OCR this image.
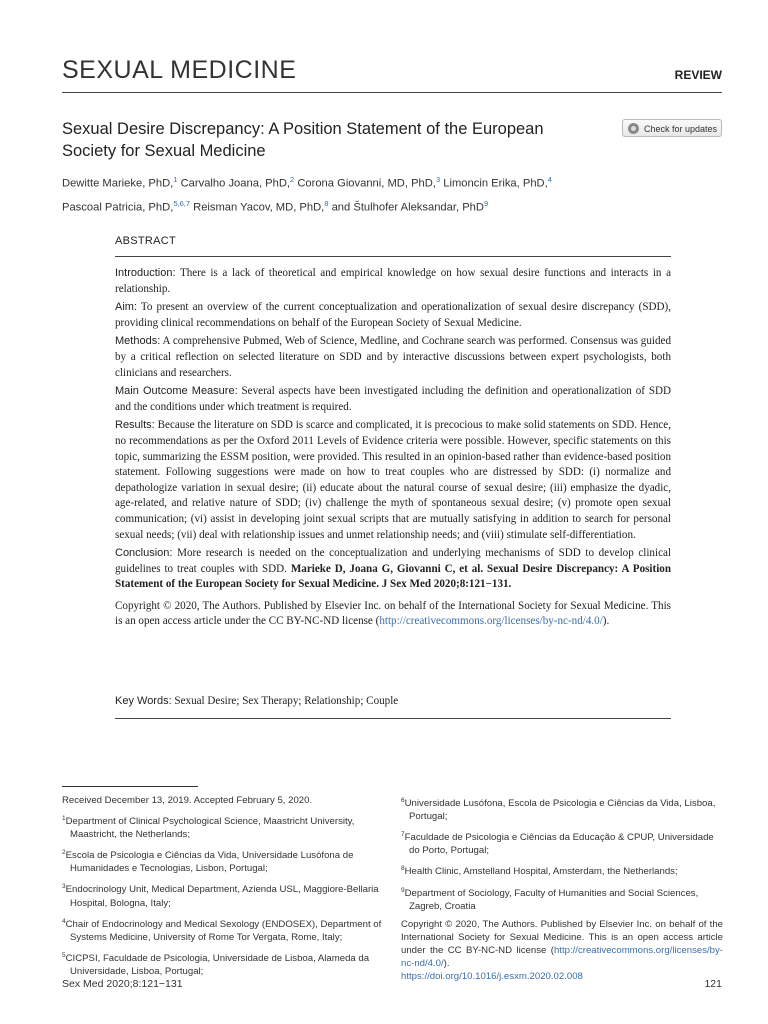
SEXUAL MEDICINE	REVIEW
Sexual Desire Discrepancy: A Position Statement of the European Society for Sexual Medicine
Check for updates
Dewitte Marieke, PhD,$^1$ Carvalho Joana, PhD,$^2$ Corona Giovanni, MD, PhD,$^3$ Limoncin Erika, PhD,$^4$
Pascoal Patricia, PhD,$^{5,6,7}$ Reisman Yacov, MD, PhD,$^8$ and Štulhofer Aleksandar, PhD$^9$
ABSTRACT

Introduction: There is a lack of theoretical and empirical knowledge on how sexual desire functions and interacts in a relationship.

Aim: To present an overview of the current conceptualization and operationalization of sexual desire discrepancy (SDD), providing clinical recommendations on behalf of the European Society of Sexual Medicine.

Methods: A comprehensive Pubmed, Web of Science, Medline, and Cochrane search was performed. Consensus was guided by a critical reflection on selected literature on SDD and by interactive discussions between expert psychologists, both clinicians and researchers.

Main Outcome Measure: Several aspects have been investigated including the definition and operationalization of SDD and the conditions under which treatment is required.

Results: Because the literature on SDD is scarce and complicated, it is precocious to make solid statements on SDD. Hence, no recommendations as per the Oxford 2011 Levels of Evidence criteria were possible. However, specific statements on this topic, summarizing the ESSM position, were provided. This resulted in an opinion-based rather than evidence-based position statement. Following suggestions were made on how to treat couples who are distressed by SDD: (i) normalize and depathologize variation in sexual desire; (ii) educate about the natural course of sexual desire; (iii) emphasize the dyadic, age-related, and relative nature of SDD; (iv) challenge the myth of spontaneous sexual desire; (v) promote open sexual communication; (vi) assist in developing joint sexual scripts that are mutually satisfying in addition to search for personal sexual needs; (vii) deal with relationship issues and unmet relationship needs; and (viii) stimulate self-differentiation.

Conclusion: More research is needed on the conceptualization and underlying mechanisms of SDD to develop clinical guidelines to treat couples with SDD. Marieke D, Joana G, Giovanni C, et al. Sexual Desire Discrepancy: A Position Statement of the European Society for Sexual Medicine. J Sex Med 2020;8:121−131.

Copyright © 2020, The Authors. Published by Elsevier Inc. on behalf of the International Society for Sexual Medicine. This is an open access article under the CC BY-NC-ND license (http://creativecommons.org/licenses/by-nc-nd/4.0/).

Key Words: Sexual Desire; Sex Therapy; Relationship; Couple

Received December 13, 2019. Accepted February 5, 2020.

$^1$Department of Clinical Psychological Science, Maastricht University, Maastricht, the Netherlands;

$^2$Escola de Psicologia e Ciências da Vida, Universidade Lusófona de Humanidades e Tecnologias, Lisbon, Portugal;

$^3$Endocrinology Unit, Medical Department, Azienda USL, Maggiore-Bellaria Hospital, Bologna, Italy;

$^4$Chair of Endocrinology and Medical Sexology (ENDOSEX), Department of Systems Medicine, University of Rome Tor Vergata, Rome, Italy;

$^5$CICPSI, Faculdade de Psicologia, Universidade de Lisboa, Alameda da Universidade, Lisboa, Portugal;

$^6$Universidade Lusófona, Escola de Psicologia e Ciências da Vida, Lisboa, Portugal;

$^7$Faculdade de Psicologia e Ciências da Educação & CPUP, Universidade do Porto, Portugal;

$^8$Health Clinic, Amstelland Hospital, Amsterdam, the Netherlands;

$^9$Department of Sociology, Faculty of Humanities and Social Sciences, Zagreb, Croatia

Copyright © 2020, The Authors. Published by Elsevier Inc. on behalf of the International Society for Sexual Medicine. This is an open access article under the CC BY-NC-ND license (http://creativecommons.org/licenses/by-nc-nd/4.0/).
https://doi.org/10.1016/j.esxm.2020.02.008

Sex Med 2020;8:121−131	121
